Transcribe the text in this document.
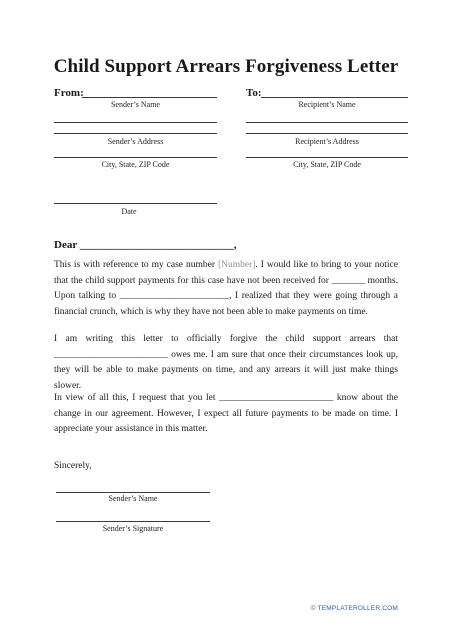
Child Support Arrears Forgiveness Letter
From:
Sender’s Name
To:
Recipient’s Name
Sender’s Address	Recipient’s Address
City, State, ZIP Code	City, State, ZIP Code
Date
Dear ____________________________,
This is with reference to my case number [Number]. I would like to bring to your notice that the child support payments for this case have not been received for _______ months. Upon talking to _______________________, I realized that they were going through a financial crunch, which is why they have not been able to make payments on time.
I am writing this letter to officially forgive the child support arrears that ________________________ owes me. I am sure that once their circumstances look up, they will be able to make payments on time, and any arrears it will just make things slower.
In view of all this, I request that you let ________________________ know about the change in our agreement. However, I expect all future payments to be made on time. I appreciate your assistance in this matter.
Sincerely,
Sender’s Name
Sender’s Signature
© TEMPLATEROLLER.COM
